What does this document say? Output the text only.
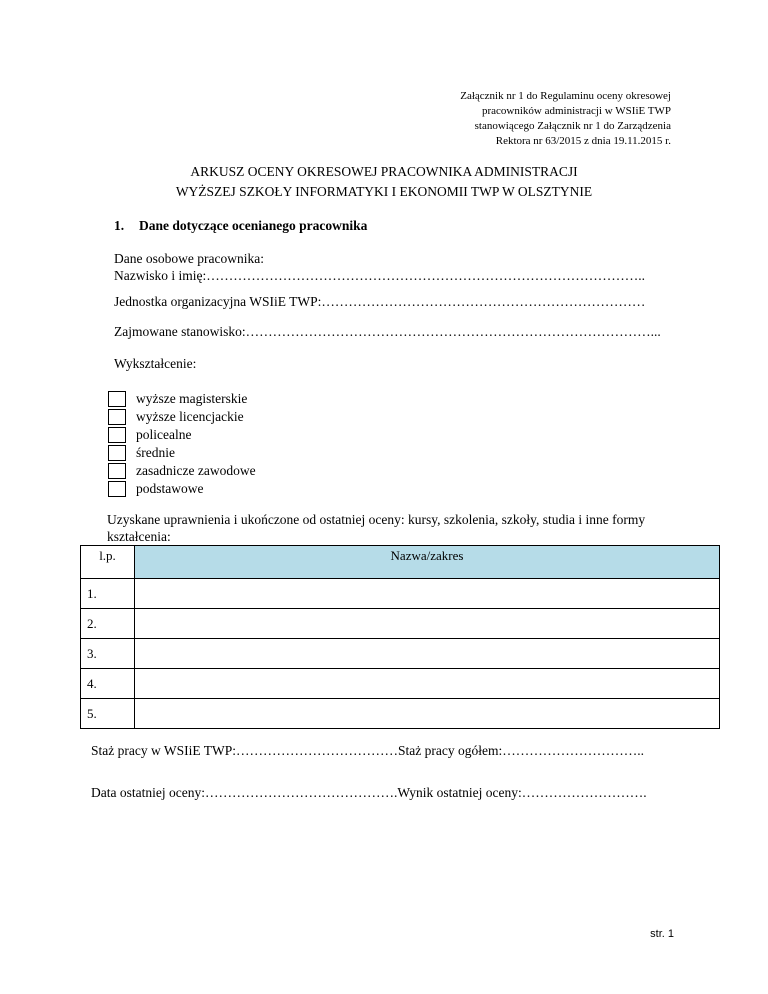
Załącznik nr 1 do Regulaminu oceny okresowej
pracowników administracji w WSIiE TWP
stanowiącego Załącznik nr 1 do Zarządzenia
Rektora nr 63/2015 z dnia 19.11.2015 r.
ARKUSZ OCENY OKRESOWEJ PRACOWNIKA ADMINISTRACJI
WYŻSZEJ SZKOŁY INFORMATYKI I EKONOMII TWP W OLSZTYNIE
1. Dane dotyczące ocenianego pracownika
Dane osobowe pracownika:
Nazwisko i imię:……………………………………………………………………………………..
Jednostka organizacyjna WSIiE TWP:………………………………………………………………
Zajmowane stanowisko:………………………………………………………………………………...
Wykształcenie:
wyższe magisterskie
wyższe licencjackie
policealne
średnie
zasadnicze zawodowe
podstawowe
Uzyskane uprawnienia i ukończone od ostatniej oceny: kursy, szkolenia, szkoły, studia i inne formy kształcenia:
l.p.	Nazwa/zakres
1.	
2.	
3.	
4.	
5.	
Staż pracy w WSIiE TWP:………………………………Staż pracy ogółem:…………………………..
Data ostatniej oceny:…………………………………….Wynik ostatniej oceny:……………………….
str. 1
